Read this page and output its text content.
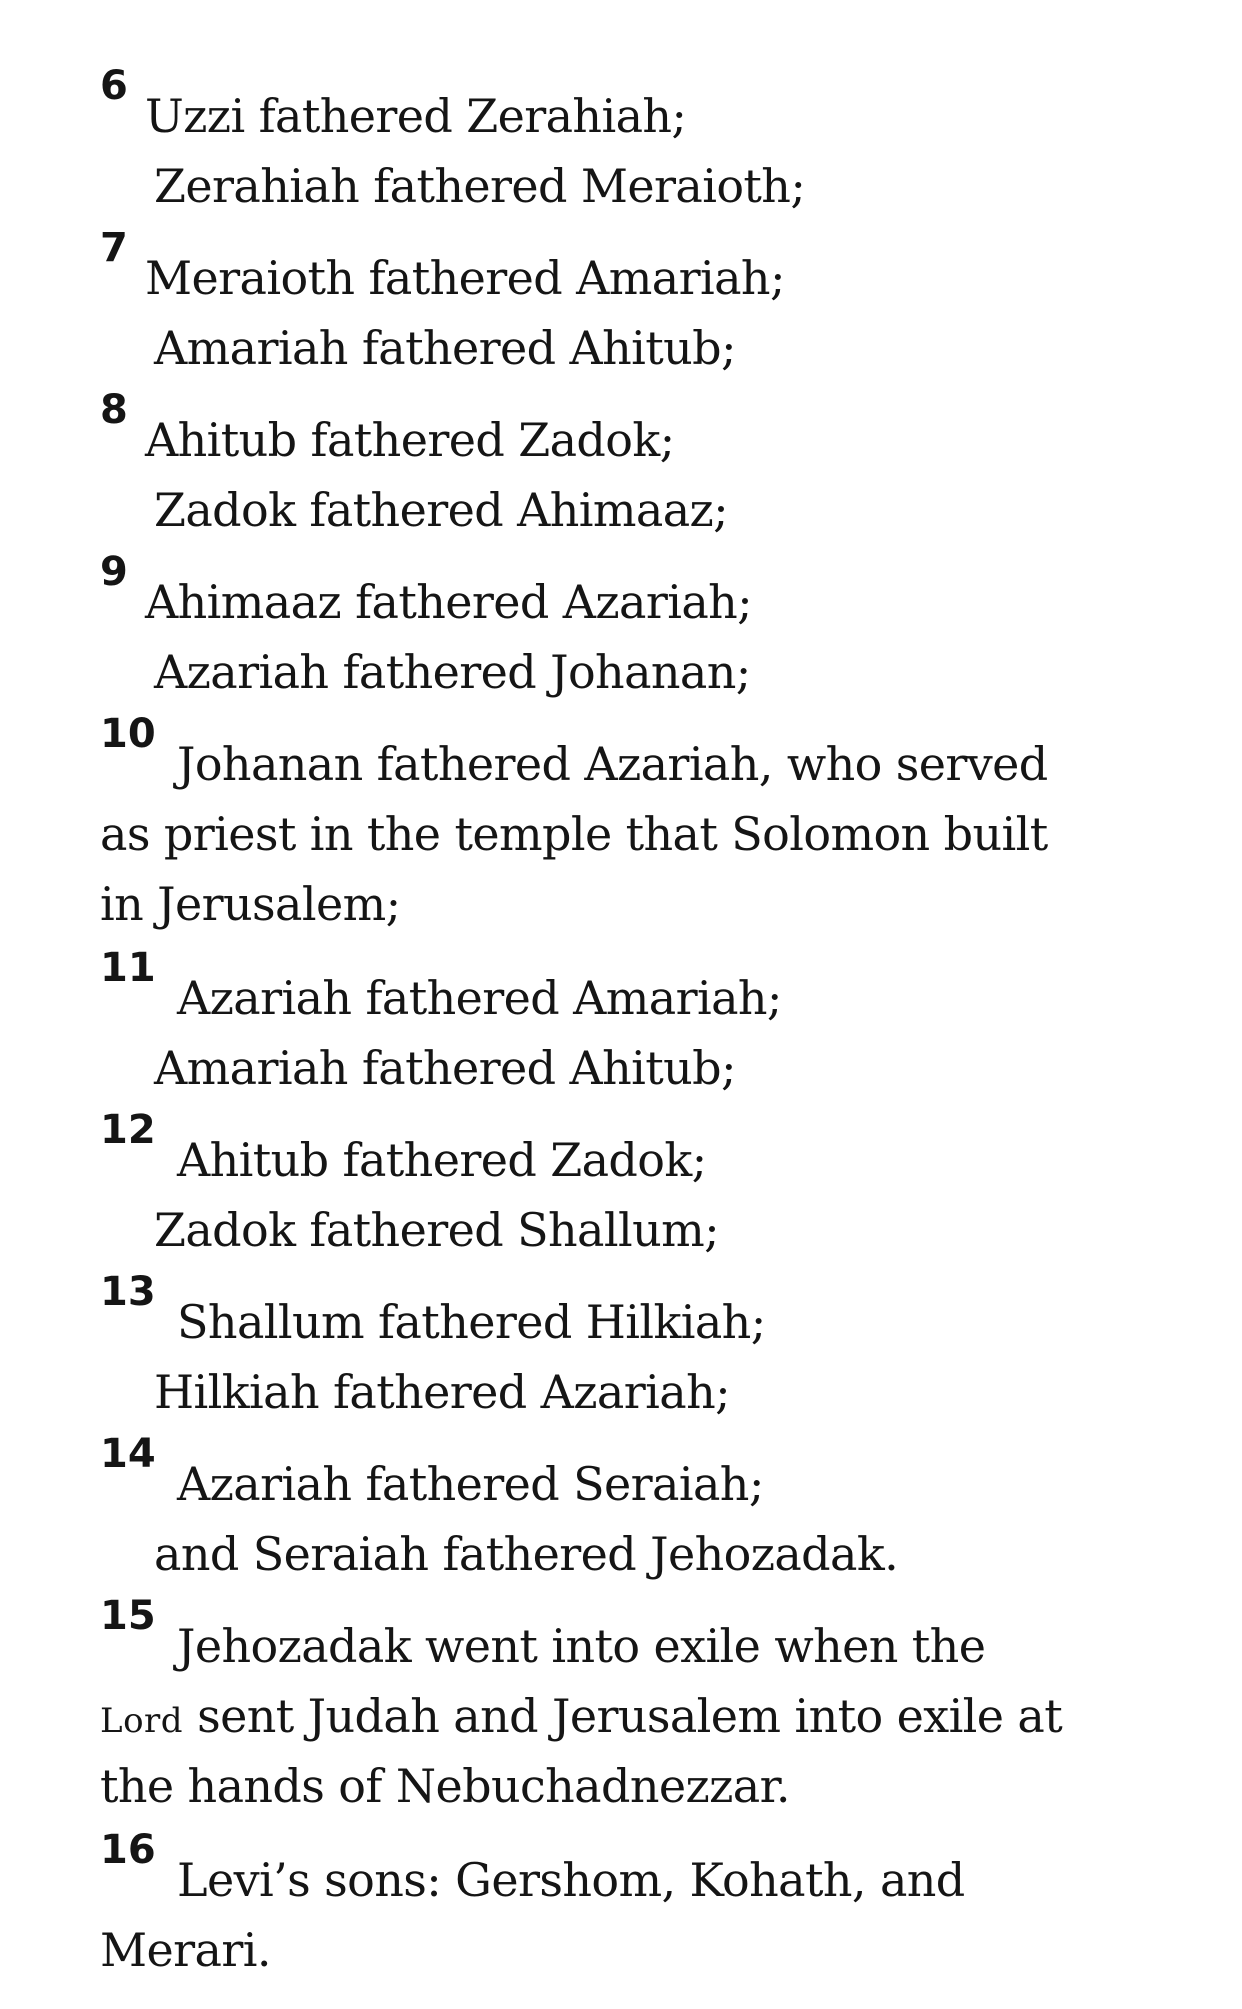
6
Uzzi fathered Zerahiah;
Zerahiah fathered Meraioth;
7
Meraioth fathered Amariah;
Amariah fathered Ahitub;
8
Ahitub fathered Zadok;
Zadok fathered Ahimaaz;
9
Ahimaaz fathered Azariah;
Azariah fathered Johanan;
10
Johanan fathered Azariah, who served
as priest in the temple that Solomon built
in Jerusalem;
11
Azariah fathered Amariah;
Amariah fathered Ahitub;
12
Ahitub fathered Zadok;
Zadok fathered Shallum;
13
Shallum fathered Hilkiah;
Hilkiah fathered Azariah;
14
Azariah fathered Seraiah;
and Seraiah fathered Jehozadak.
15
Jehozadak went into exile when the
Lord sent Judah and Jerusalem into exile at
the hands of Nebuchadnezzar.
16
Levi’s sons: Gershom, Kohath, and
Merari.
